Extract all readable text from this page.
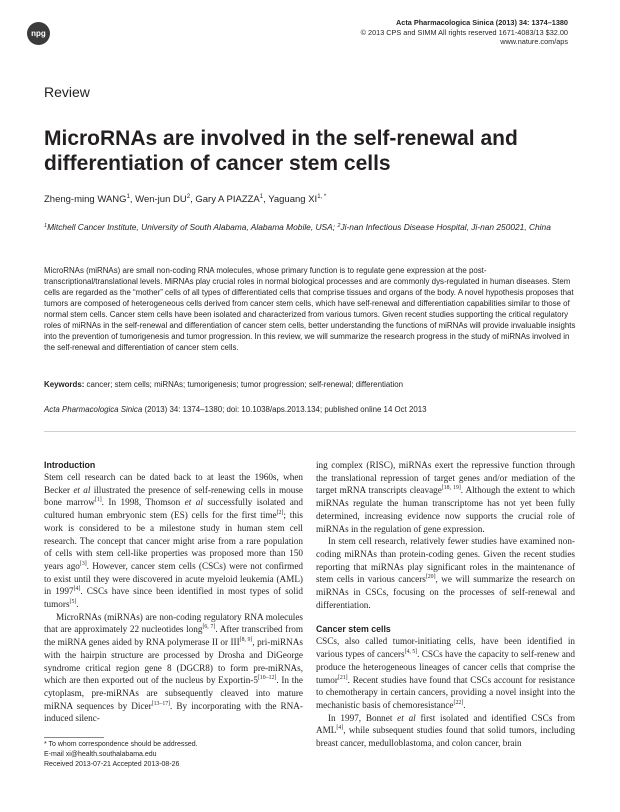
npg
Acta Pharmacologica Sinica (2013) 34: 1374–1380
© 2013 CPS and SIMM All rights reserved 1671-4083/13 $32.00
www.nature.com/aps
Review
MicroRNAs are involved in the self-renewal and differentiation of cancer stem cells
Zheng-ming WANG$^1$, Wen-jun $DU^2$, Gary A PIAZZA$^1$, Yaguang $XI^{1, *}$
$^1$Mitchell Cancer Institute, University of South Alabama, Alabama Mobile, USA; $^2$Ji-nan Infectious Disease Hospital, Ji-nan 250021, China
MicroRNAs (miRNAs) are small non-coding RNA molecules, whose primary function is to regulate gene expression at the post-transcriptional/translational levels. MiRNAs play crucial roles in normal biological processes and are commonly dys-regulated in human diseases. Stem cells are regarded as the “mother” cells of all types of differentiated cells that comprise tissues and organs of the body. A novel hypothesis proposes that tumors are composed of heterogeneous cells derived from cancer stem cells, which have self-renewal and differentiation capabilities similar to those of normal stem cells. Cancer stem cells have been isolated and characterized from various tumors. Given recent studies supporting the critical regulatory roles of miRNAs in the self-renewal and differentiation of cancer stem cells, better understanding the functions of miRNAs will provide invaluable insights into the prevention of tumorigenesis and tumor progression. In this review, we will summarize the research progress in the study of miRNAs involved in the self-renewal and differentiation of cancer stem cells.
Keywords: cancer; stem cells; miRNAs; tumorigenesis; tumor progression; self-renewal; differentiation
Acta Pharmacologica Sinica (2013) 34: 1374–1380; doi: 10.1038/aps.2013.134; published online 14 Oct 2013
Introduction

Stem cell research can be dated back to at least the 1960s, when Becker et al illustrated the presence of self-renewing cells in mouse bone marrow[1]. In 1998, Thomson et al successfully isolated and cultured human embryonic stem (ES) cells for the first time[2]; this work is considered to be a milestone study in human stem cell research. The concept that cancer might arise from a rare population of cells with stem cell-like properties was proposed more than 150 years ago[3]. However, cancer stem cells (CSCs) were not confirmed to exist until they were discovered in acute myeloid leukemia (AML) in 1997[4]. CSCs have since been identified in most types of solid tumors[5].

MicroRNAs (miRNAs) are non-coding regulatory RNA molecules that are approximately 22 nucleotides long[6, 7]. After transcribed from the miRNA genes aided by RNA polymerase II or III[8, 9], pri-miRNAs with the hairpin structure are processed by Drosha and DiGeorge syndrome critical region gene 8 (DGCR8) to form pre-miRNAs, which are then exported out of the nucleus by Exportin-5[10–12]. In the cytoplasm, pre-miRNAs are subsequently cleaved into mature miRNA sequences by Dicer[13–17]. By incorporating with the RNA-induced silenc-

ing complex (RISC), miRNAs exert the repressive function through the translational repression of target genes and/or mediation of the target mRNA transcripts cleavage[18, 19]. Although the extent to which miRNAs regulate the human transcriptome has not yet been fully determined, increasing evidence now supports the crucial role of miRNAs in the regulation of gene expression.

In stem cell research, relatively fewer studies have examined non-coding miRNAs than protein-coding genes. Given the recent studies reporting that miRNAs play significant roles in the maintenance of stem cells in various cancers[20], we will summarize the research on miRNAs in CSCs, focusing on the processes of self-renewal and differentiation.

Cancer stem cells

CSCs, also called tumor-initiating cells, have been identified in various types of cancers[4, 5]. CSCs have the capacity to self-renew and produce the heterogeneous lineages of cancer cells that comprise the tumor[21]. Recent studies have found that CSCs account for resistance to chemotherapy in certain cancers, providing a novel insight into the mechanistic basis of chemoresistance[22].

In 1997, Bonnet et al first isolated and identified CSCs from AML[4], while subsequent studies found that solid tumors, including breast cancer, medulloblastoma, and colon cancer, brain

* To whom correspondence should be addressed.
E-mail xi@health.southalabama.edu
Received 2013-07-21 Accepted 2013-08-26
